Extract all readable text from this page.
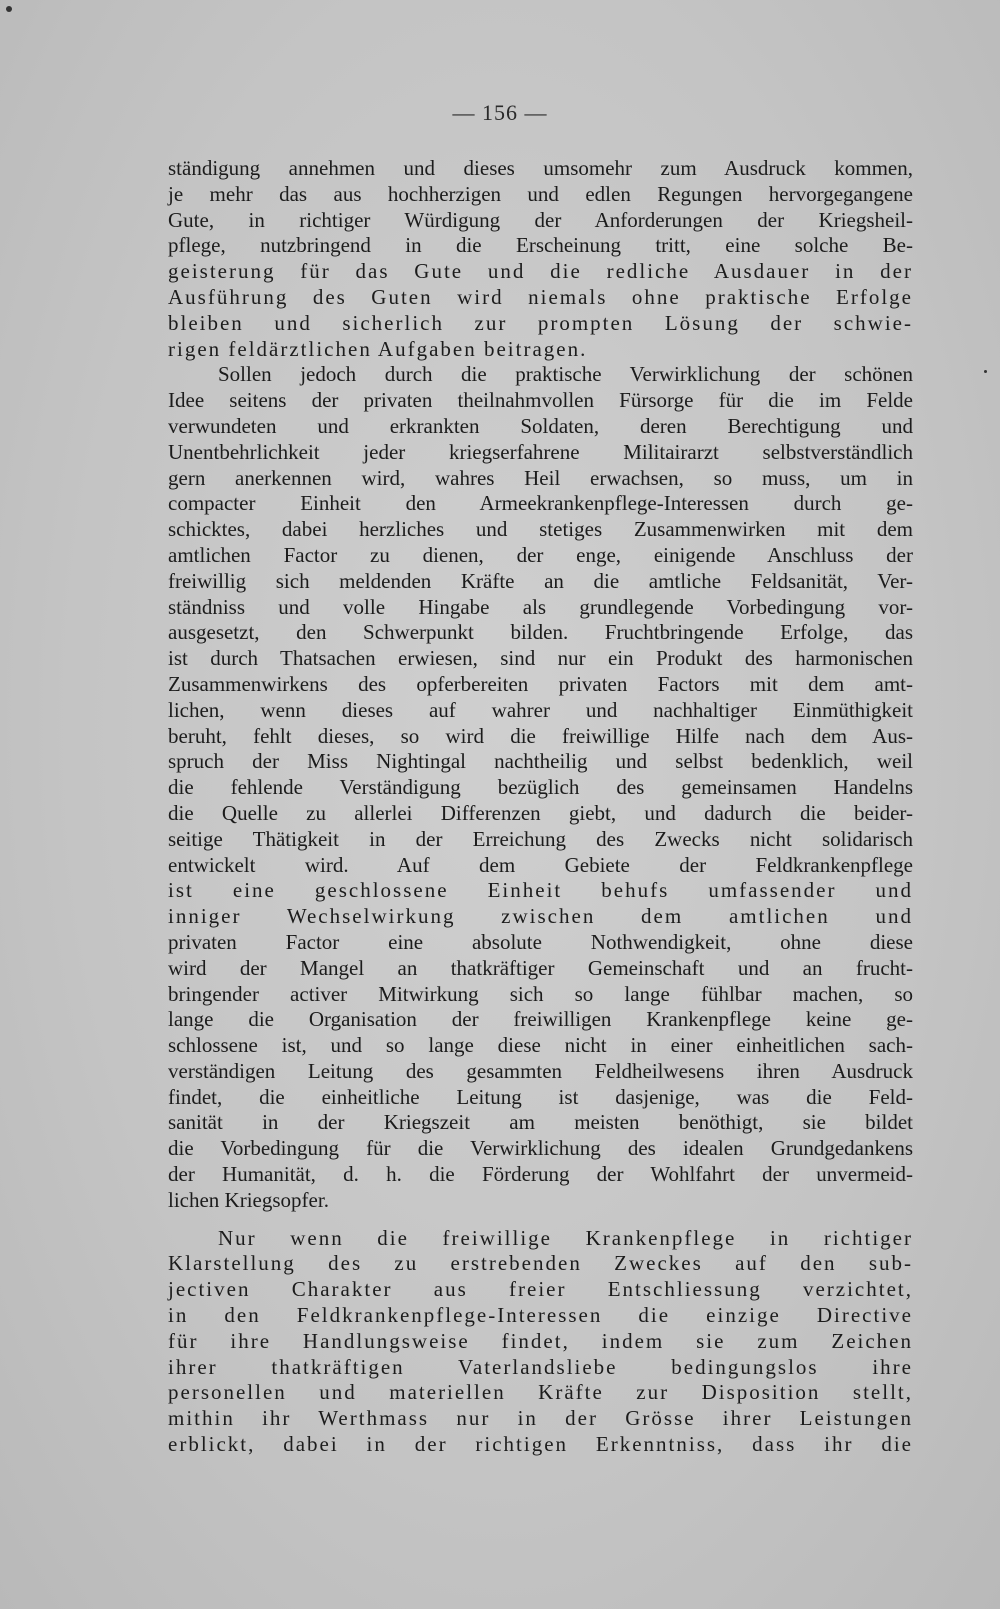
— 156 —
ständigung annehmen und dieses umsomehr zum Ausdruck kommen,
je mehr das aus hochherzigen und edlen Regungen hervorgegangene
Gute, in richtiger Würdigung der Anforderungen der Kriegsheil-
pflege, nutzbringend in die Erscheinung tritt, eine solche Be-
geisterung für das Gute und die redliche Ausdauer in der
Ausführung des Guten wird niemals ohne praktische Erfolge
bleiben und sicherlich zur prompten Lösung der schwie-
rigen feldärztlichen Aufgaben beitragen.
Sollen jedoch durch die praktische Verwirklichung der schönen
Idee seitens der privaten theilnahmvollen Fürsorge für die im Felde
verwundeten und erkrankten Soldaten, deren Berechtigung und
Unentbehrlichkeit jeder kriegserfahrene Militairarzt selbstverständlich
gern anerkennen wird, wahres Heil erwachsen, so muss, um in
compacter Einheit den Armeekrankenpflege-Interessen durch ge-
schicktes, dabei herzliches und stetiges Zusammenwirken mit dem
amtlichen Factor zu dienen, der enge, einigende Anschluss der
freiwillig sich meldenden Kräfte an die amtliche Feldsanität, Ver-
ständniss und volle Hingabe als grundlegende Vorbedingung vor-
ausgesetzt, den Schwerpunkt bilden. Fruchtbringende Erfolge, das
ist durch Thatsachen erwiesen, sind nur ein Produkt des harmonischen
Zusammenwirkens des opferbereiten privaten Factors mit dem amt-
lichen, wenn dieses auf wahrer und nachhaltiger Einmüthigkeit
beruht, fehlt dieses, so wird die freiwillige Hilfe nach dem Aus-
spruch der Miss Nightingal nachtheilig und selbst bedenklich, weil
die fehlende Verständigung bezüglich des gemeinsamen Handelns
die Quelle zu allerlei Differenzen giebt, und dadurch die beider-
seitige Thätigkeit in der Erreichung des Zwecks nicht solidarisch
entwickelt wird. Auf dem Gebiete der Feldkrankenpflege
ist eine geschlossene Einheit behufs umfassender und
inniger Wechselwirkung zwischen dem amtlichen und
privaten Factor eine absolute Nothwendigkeit, ohne diese
wird der Mangel an thatkräftiger Gemeinschaft und an frucht-
bringender activer Mitwirkung sich so lange fühlbar machen, so
lange die Organisation der freiwilligen Krankenpflege keine ge-
schlossene ist, und so lange diese nicht in einer einheitlichen sach-
verständigen Leitung des gesammten Feldheilwesens ihren Ausdruck
findet, die einheitliche Leitung ist dasjenige, was die Feld-
sanität in der Kriegszeit am meisten benöthigt, sie bildet
die Vorbedingung für die Verwirklichung des idealen Grundgedankens
der Humanität, d. h. die Förderung der Wohlfahrt der unvermeid-
lichen Kriegsopfer.
Nur wenn die freiwillige Krankenpflege in richtiger
Klarstellung des zu erstrebenden Zweckes auf den sub-
jectiven Charakter aus freier Entschliessung verzichtet,
in den Feldkrankenpflege-Interessen die einzige Directive
für ihre Handlungsweise findet, indem sie zum Zeichen
ihrer thatkräftigen Vaterlandsliebe bedingungslos ihre
personellen und materiellen Kräfte zur Disposition stellt,
mithin ihr Werthmass nur in der Grösse ihrer Leistungen
erblickt, dabei in der richtigen Erkenntniss, dass ihr die
